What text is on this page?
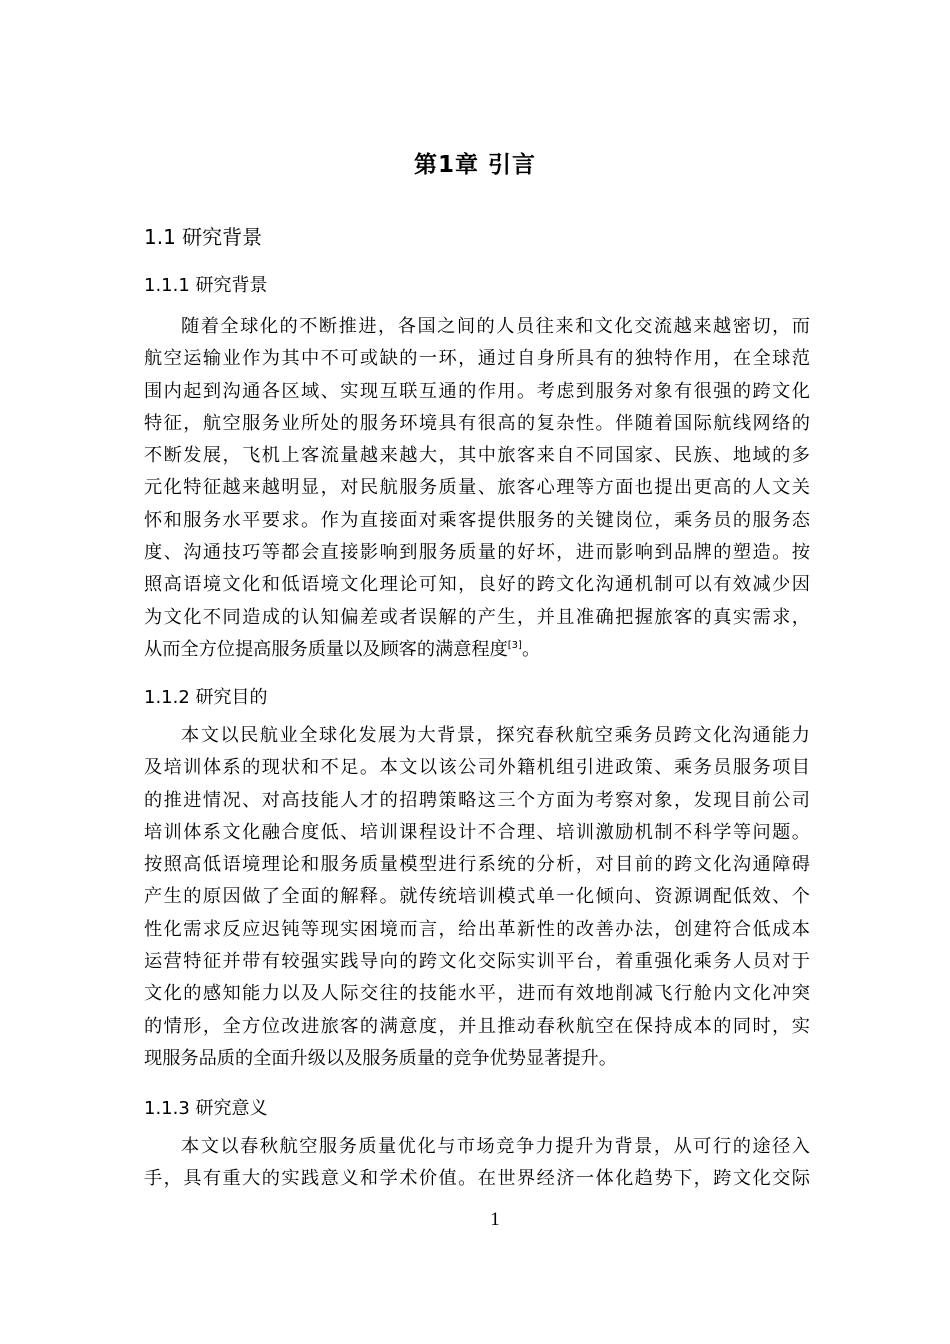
第1章 引言
1.1 研究背景
1.1.1 研究背景
随着全球化的不断推进，各国之间的人员往来和文化交流越来越密切，而
航空运输业作为其中不可或缺的一环，通过自身所具有的独特作用，在全球范
围内起到沟通各区域、实现互联互通的作用。考虑到服务对象有很强的跨文化
特征，航空服务业所处的服务环境具有很高的复杂性。伴随着国际航线网络的
不断发展，飞机上客流量越来越大，其中旅客来自不同国家、民族、地域的多
元化特征越来越明显，对民航服务质量、旅客心理等方面也提出更高的人文关
怀和服务水平要求。作为直接面对乘客提供服务的关键岗位，乘务员的服务态
度、沟通技巧等都会直接影响到服务质量的好坏，进而影响到品牌的塑造。按
照高语境文化和低语境文化理论可知，良好的跨文化沟通机制可以有效减少因
为文化不同造成的认知偏差或者误解的产生，并且准确把握旅客的真实需求，
从而全方位提高服务质量以及顾客的满意程度[3]。
1.1.2 研究目的
本文以民航业全球化发展为大背景，探究春秋航空乘务员跨文化沟通能力
及培训体系的现状和不足。本文以该公司外籍机组引进政策、乘务员服务项目
的推进情况、对高技能人才的招聘策略这三个方面为考察对象，发现目前公司
培训体系文化融合度低、培训课程设计不合理、培训激励机制不科学等问题。
按照高低语境理论和服务质量模型进行系统的分析，对目前的跨文化沟通障碍
产生的原因做了全面的解释。就传统培训模式单一化倾向、资源调配低效、个
性化需求反应迟钝等现实困境而言，给出革新性的改善办法，创建符合低成本
运营特征并带有较强实践导向的跨文化交际实训平台，着重强化乘务人员对于
文化的感知能力以及人际交往的技能水平，进而有效地削减飞行舱内文化冲突
的情形，全方位改进旅客的满意度，并且推动春秋航空在保持成本的同时，实
现服务品质的全面升级以及服务质量的竞争优势显著提升。
1.1.3 研究意义
本文以春秋航空服务质量优化与市场竞争力提升为背景，从可行的途径入
手，具有重大的实践意义和学术价值。在世界经济一体化趋势下，跨文化交际
1
